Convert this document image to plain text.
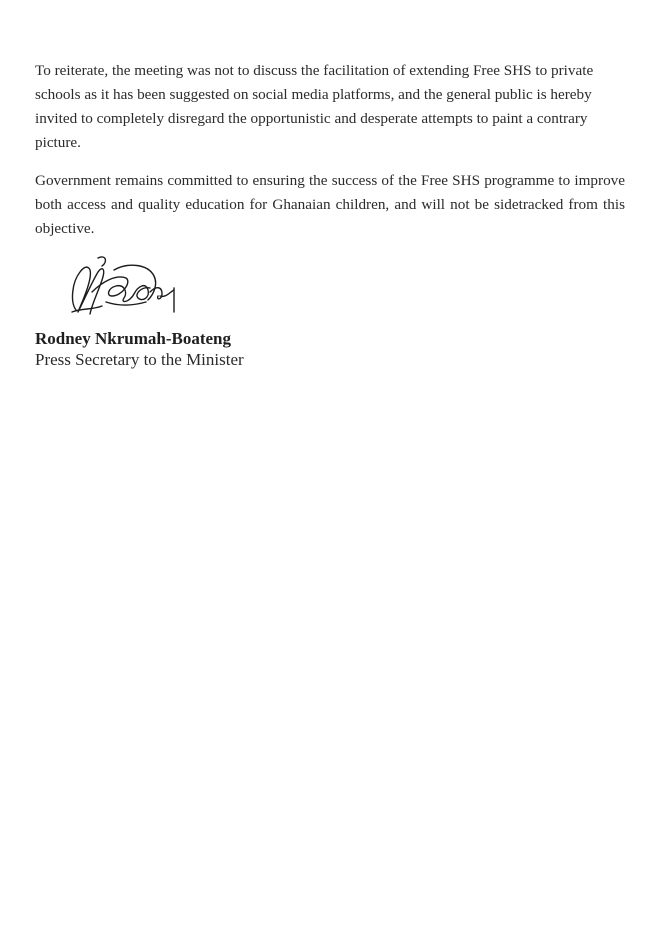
To reiterate, the meeting was not to discuss the facilitation of extending Free SHS to private schools as it has been suggested on social media platforms, and the general public is hereby invited to completely disregard the opportunistic and desperate attempts to paint a contrary picture.

Government remains committed to ensuring the success of the Free SHS programme to improve both access and quality education for Ghanaian children, and will not be sidetracked from this objective.

Rodney Nkrumah-Boateng

Press Secretary to the Minister
